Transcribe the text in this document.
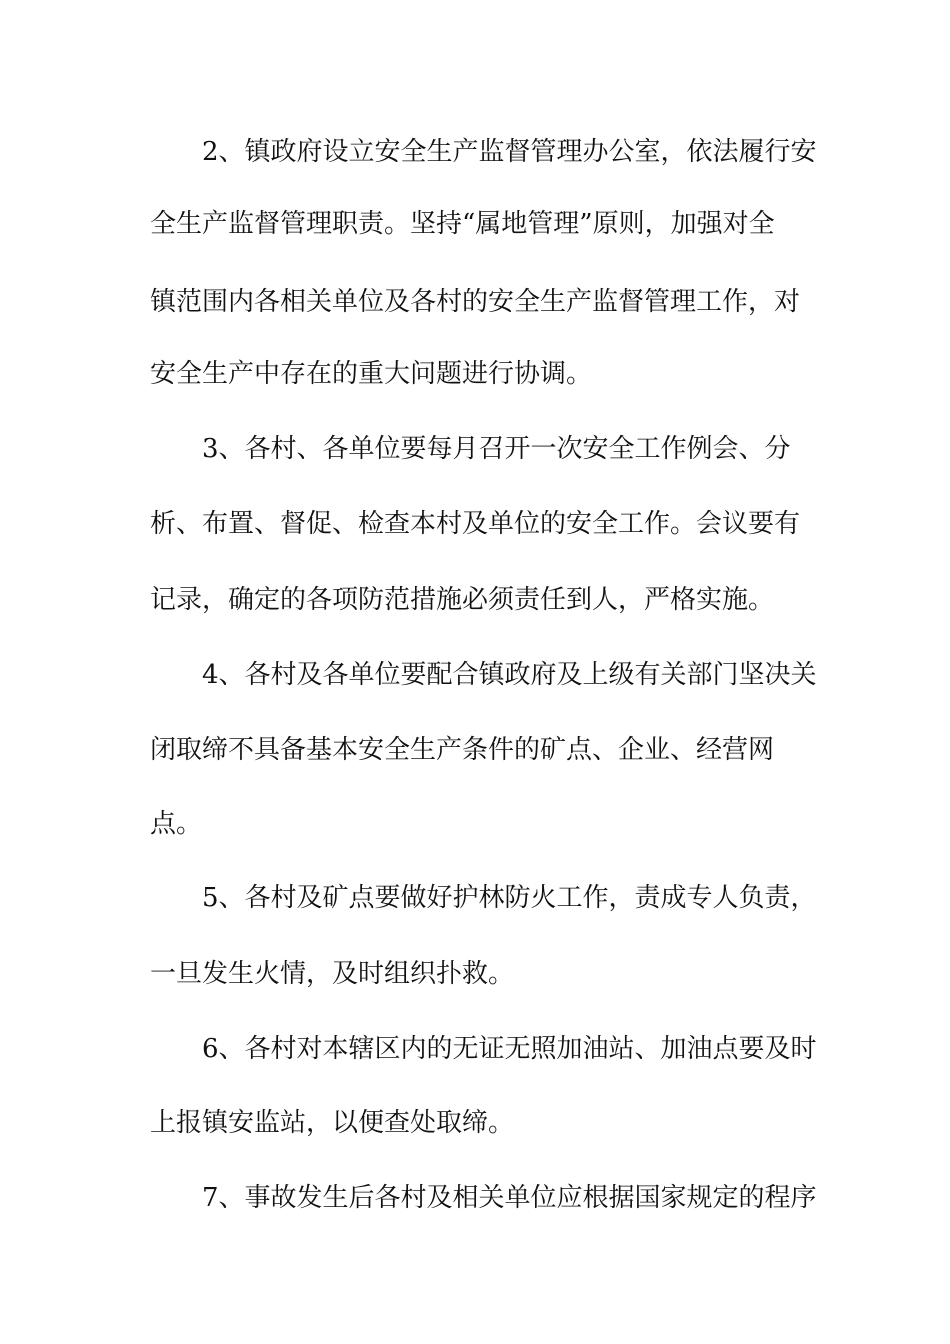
2、镇政府设立安全生产监督管理办公室，依法履行安

全生产监督管理职责。坚持“属地管理”原则，加强对全

镇范围内各相关单位及各村的安全生产监督管理工作，对

安全生产中存在的重大问题进行协调。

3、各村、各单位要每月召开一次安全工作例会、分

析、布置、督促、检查本村及单位的安全工作。会议要有

记录，确定的各项防范措施必须责任到人，严格实施。

4、各村及各单位要配合镇政府及上级有关部门坚决关

闭取缔不具备基本安全生产条件的矿点、企业、经营网

点。

5、各村及矿点要做好护林防火工作，责成专人负责，

一旦发生火情，及时组织扑救。

6、各村对本辖区内的无证无照加油站、加油点要及时

上报镇安监站，以便查处取缔。

7、事故发生后各村及相关单位应根据国家规定的程序
